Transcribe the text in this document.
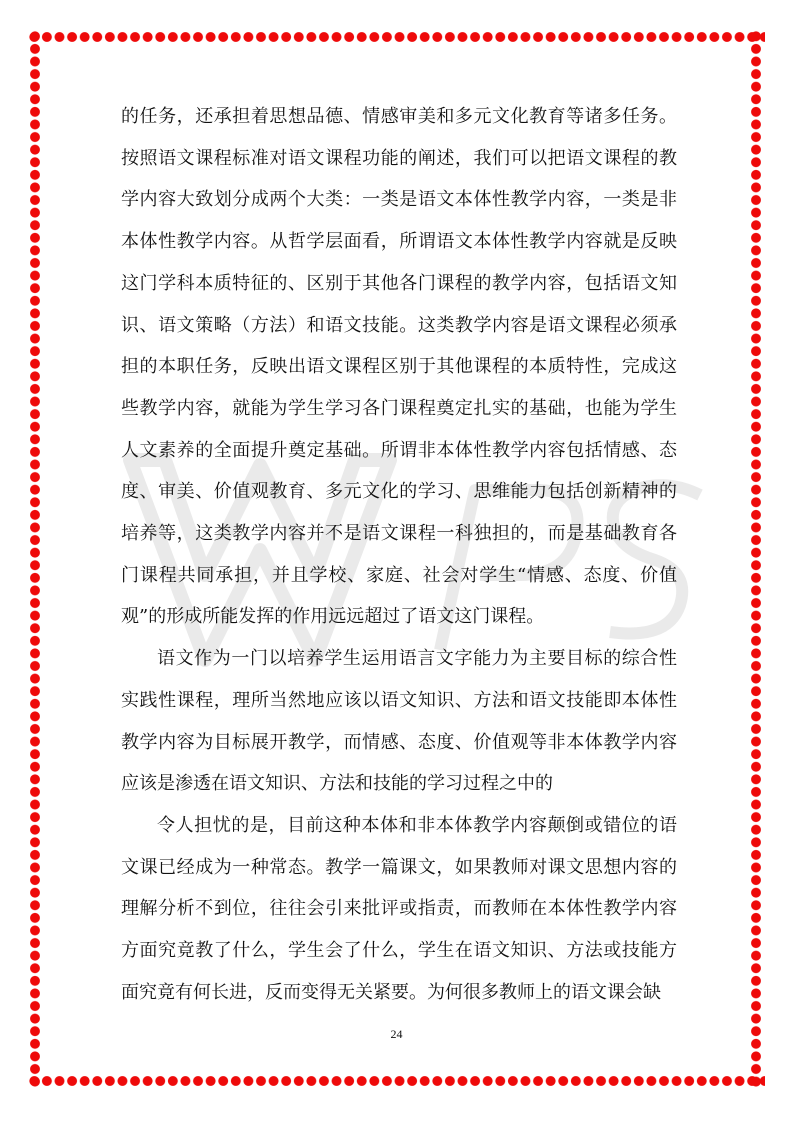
的任务，还承担着思想品德、情感审美和多元文化教育等诸多任务。按照语文课程标准对语文课程功能的阐述，我们可以把语文课程的教学内容大致划分成两个大类：一类是语文本体性教学内容，一类是非本体性教学内容。从哲学层面看，所谓语文本体性教学内容就是反映这门学科本质特征的、区别于其他各门课程的教学内容，包括语文知识、语文策略（方法）和语文技能。这类教学内容是语文课程必须承担的本职任务，反映出语文课程区别于其他课程的本质特性，完成这些教学内容，就能为学生学习各门课程奠定扎实的基础，也能为学生人文素养的全面提升奠定基础。所谓非本体性教学内容包括情感、态度、审美、价值观教育、多元文化的学习、思维能力包括创新精神的培养等，这类教学内容并不是语文课程一科独担的，而是基础教育各门课程共同承担，并且学校、家庭、社会对学生“情感、态度、价值观”的形成所能发挥的作用远远超过了语文这门课程。

语文作为一门以培养学生运用语言文字能力为主要目标的综合性实践性课程，理所当然地应该以语文知识、方法和语文技能即本体性教学内容为目标展开教学，而情感、态度、价值观等非本体教学内容应该是渗透在语文知识、方法和技能的学习过程之中的

令人担忧的是，目前这种本体和非本体教学内容颠倒或错位的语文课已经成为一种常态。教学一篇课文，如果教师对课文思想内容的理解分析不到位，往往会引来批评或指责，而教师在本体性教学内容方面究竟教了什么，学生会了什么，学生在语文知识、方法或技能方面究竟有何长进，反而变得无关紧要。为何很多教师上的语文课会缺

24
